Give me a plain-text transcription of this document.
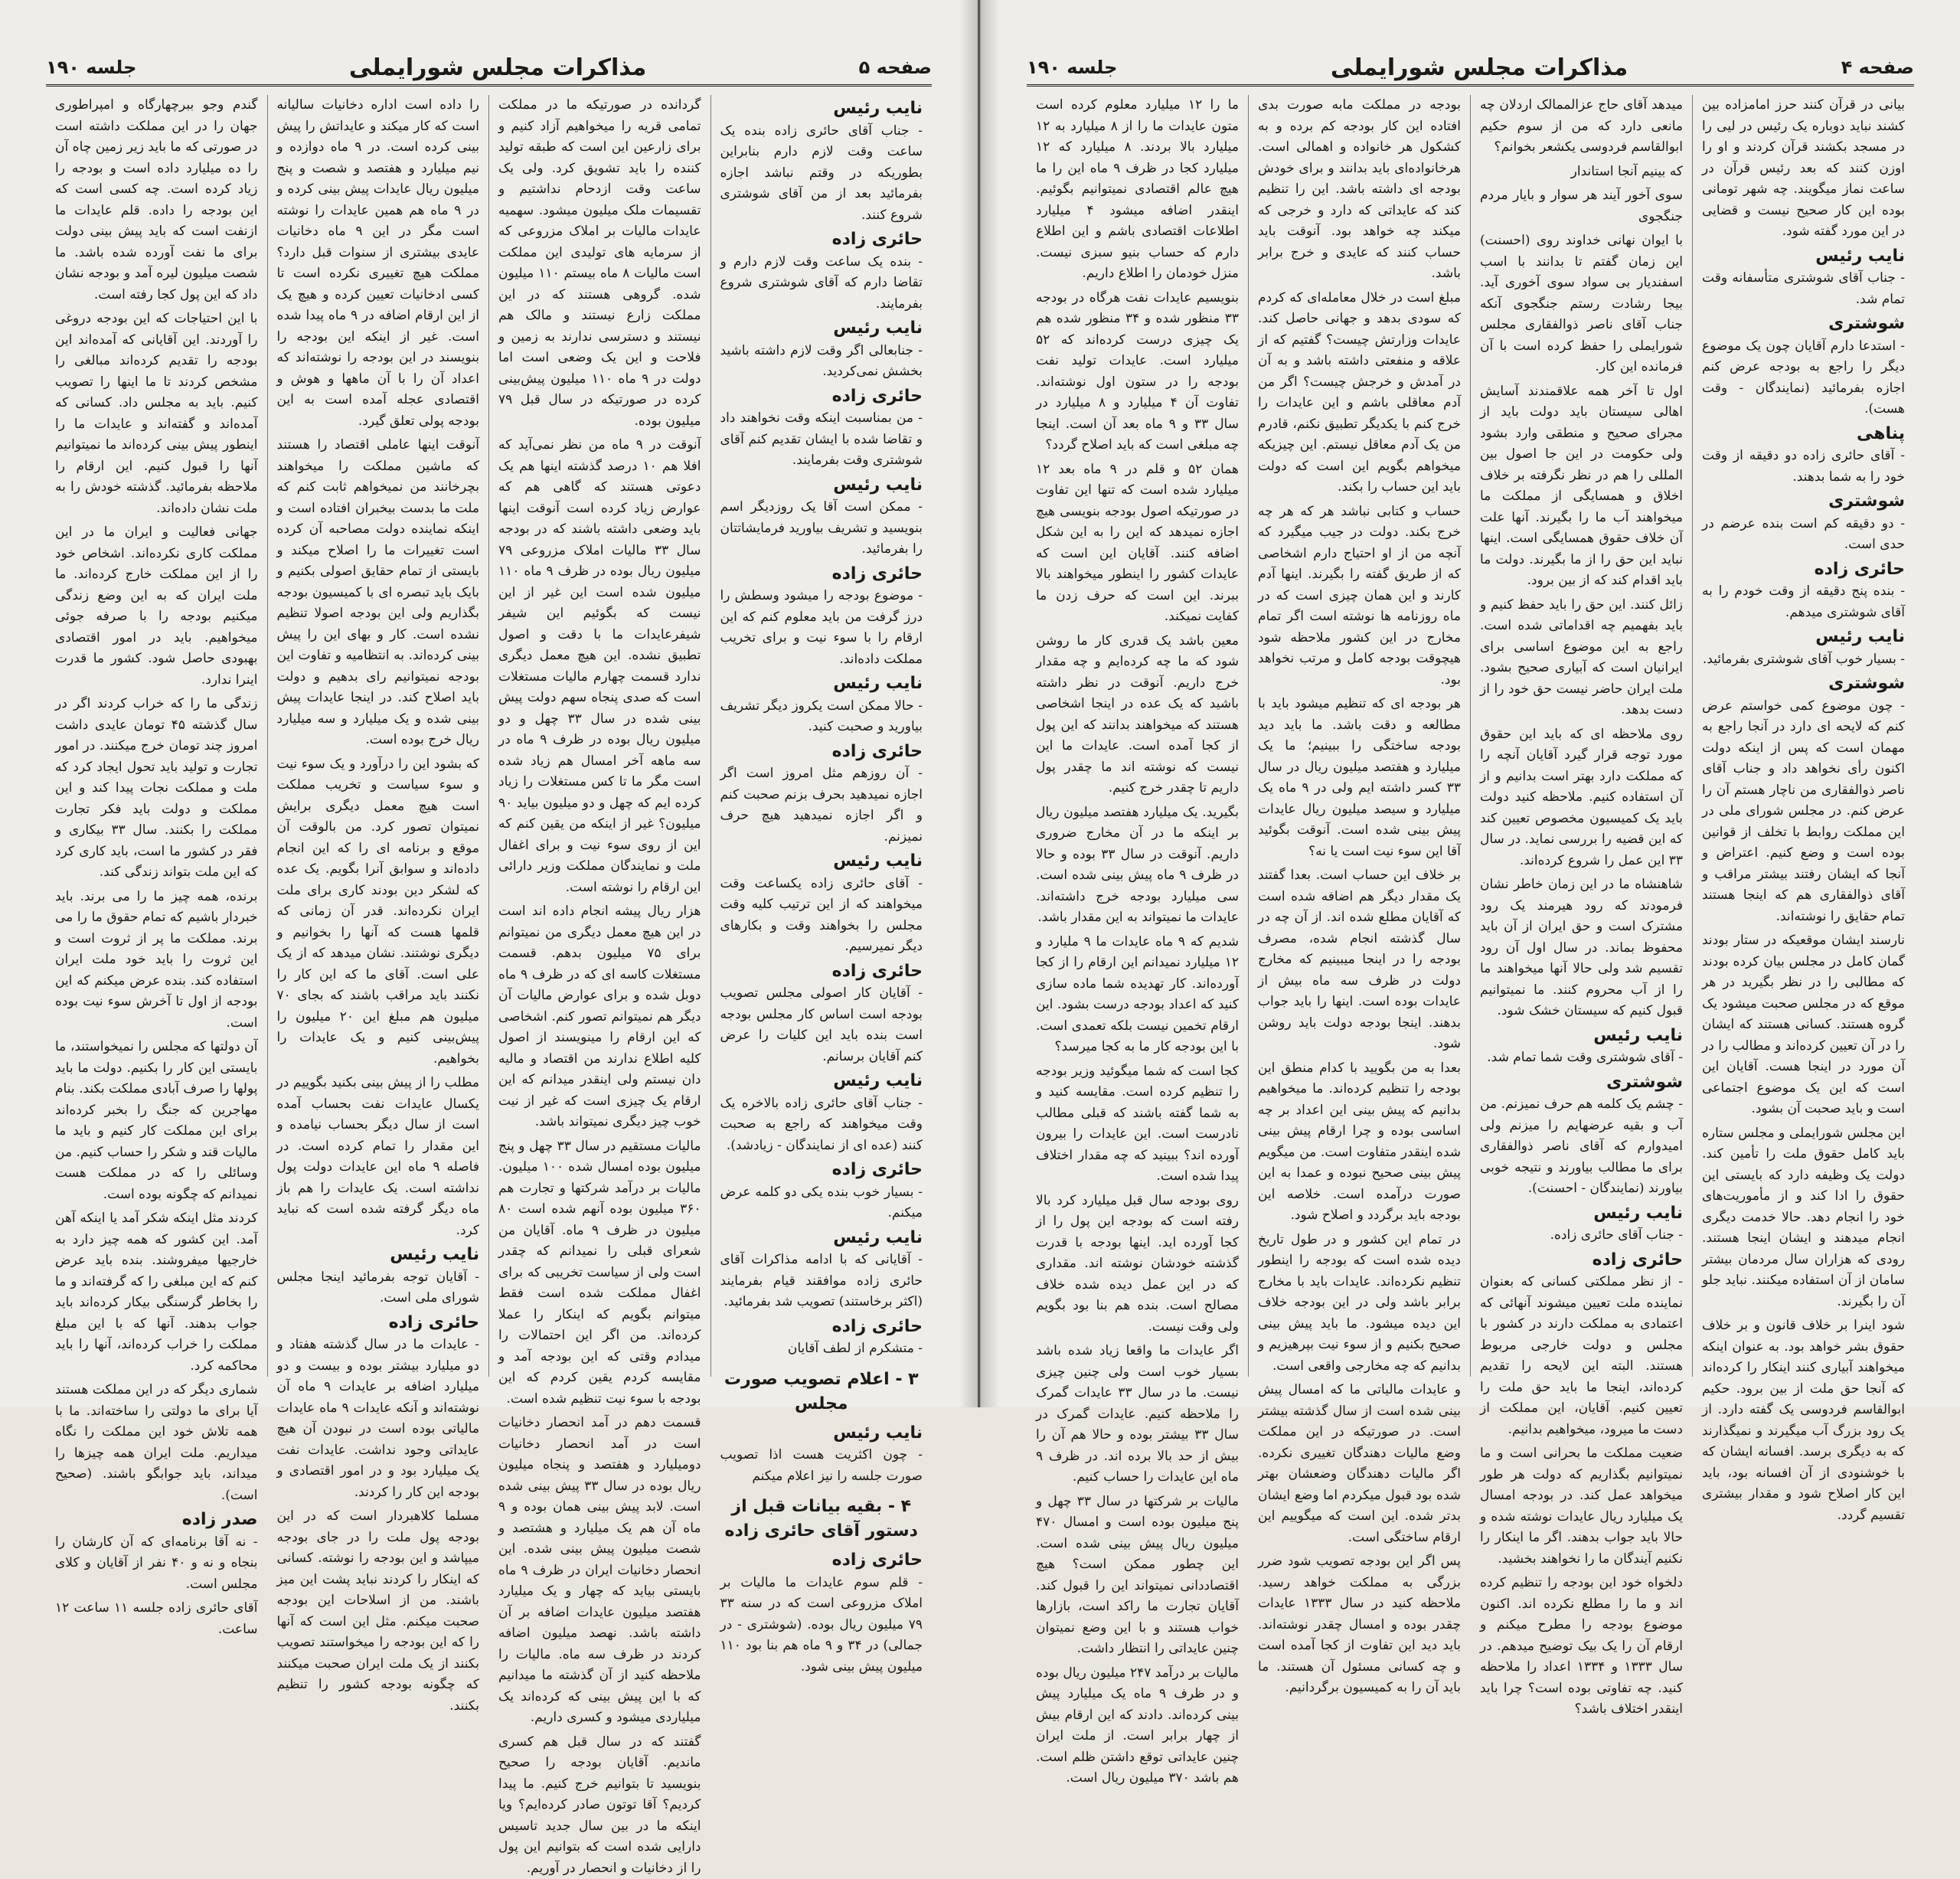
صفحه ۵
مذاکرات مجلس شورایملی
جلسه ۱۹۰
نایب رئیس
- جناب آقای حائری زاده بنده یک ساعت وقت لازم دارم بنابراین بطوریکه در وقتم نباشد اجازه بفرمائید بعد از من آقای شوشتری شروع کنند.
حائری زاده
- بنده یک ساعت وقت لازم دارم و تقاضا دارم که آقای شوشتری شروع بفرمایند.
نایب رئیس
- جنابعالی اگر وقت لازم داشته باشید بخشش نمی‌کردید.
حائری زاده
- من بمناسبت اینکه وقت نخواهند داد و تقاضا شده با ایشان تقدیم کنم آقای شوشتری وقت بفرمایند.
نایب رئیس
- ممکن است آقا یک روزدیگر اسم بنویسید و تشریف بیاورید فرمایشاتتان را بفرمائید.
حائری زاده
- موضوع بودجه را میشود وسطش را درز گرفت من باید معلوم کنم که این ارقام را با سوء نیت و برای تخریب مملکت داده‌اند.
نایب رئیس
- حالا ممکن است یکروز دیگر تشریف بیاورید و صحبت کنید.
حائری زاده
- آن روزهم مثل امروز است اگر اجازه نمیدهید بحرف بزنم صحبت کنم و اگر اجازه نمیدهید هیچ حرف نمیزنم.
نایب رئیس
- آقای حائری زاده یکساعت وقت میخواهند که از این ترتیب کلیه وقت مجلس را بخواهند وقت و بکارهای دیگر نمیرسیم.
حائری زاده
- آقایان کار اصولی مجلس تصویب بودجه است اساس کار مجلس بودجه است بنده باید این کلیات را عرض کنم آقایان برسانم.
نایب رئیس
- جناب آقای حائری زاده بالاخره یک وقت میخواهند که راجع به صحبت کنند (عده ای از نمایندگان - زیادشد).
حائری زاده
- بسیار خوب بنده یکی دو کلمه عرض میکنم.
نایب رئیس
- آقایانی که با ادامه مذاکرات آقای حائری زاده موافقند قیام بفرمایند (اکثر برخاستند) تصویب شد بفرمائید.
حائری زاده
- متشکرم از لطف آقایان
۳ - اعلام تصویب صورت مجلس
نایب رئیس
- چون اکثریت هست اذا تصویب صورت جلسه را نیز اعلام میکنم
۴ - بقیه بیانات قبل از دستور آقای حائری زاده
حائری زاده
- قلم سوم عایدات ما مالیات بر املاک مزروعی است که در سنه ۳۳ ۷۹ میلیون ریال بوده. (شوشتری - در جمالی) در ۳۴ و ۹ ماه هم بنا بود ۱۱۰ میلیون پیش بینی شود.
گردانده در صورتیکه ما در مملکت تمامی قریه را میخواهیم آزاد کنیم و برای زارعین این است که طبقه تولید کننده را باید تشویق کرد. ولی یک ساعت وقت ازدحام نداشتیم و تقسیمات ملک میلیون میشود. سهمیه عایدات مالیات بر املاک مزروعی که از سرمایه های تولیدی این مملکت است مالیات ۸ ماه بیستم ۱۱۰ میلیون شده. گروهی هستند که در این مملکت زارع نیستند و مالک هم نیستند و دسترسی ندارند به زمین و فلاحت و این یک وضعی است اما دولت در ۹ ماه ۱۱۰ میلیون پیش‌بینی کرده در صورتیکه در سال قبل ۷۹ میلیون بوده.
آنوقت در ۹ ماه من نظر نمی‌آید که افلا هم ۱۰ درصد گذشته اینها هم یک دعوتی هستند که گاهی هم که عوارض زیاد کرده است آنوقت اینها باید وضعی داشته باشند که در بودجه سال ۳۳ مالیات املاک مزروعی ۷۹ میلیون ریال بوده در ظرف ۹ ماه ۱۱۰ میلیون شده است این غیر از این نیست که بگوئیم این شیفر شیفرعایدات ما با دقت و اصول تطبیق نشده. این هیچ معمل دیگری ندارد قسمت چهارم مالیات مستغلات است که صدی پنجاه سهم دولت پیش بینی شده در سال ۳۳ چهل و دو میلیون ریال بوده در ظرف ۹ ماه در سه ماهه آخر امسال هم زیاد شده است مگر ما تا کس مستغلات را زیاد کرده ایم که چهل و دو میلیون بیاید ۹۰ میلیون؟ غیر از اینکه من یقین کنم که این از روی سوء نیت و برای اغفال ملت و نمایندگان مملکت وزیر دارائی این ارقام را نوشته است.
هزار ریال پیشه انجام داده اند است در این هیچ معمل دیگری من نمیتوانم برای ۷۵ میلیون بدهم. قسمت مستغلات کاسه ای که در ظرف ۹ ماه دوبل شده و برای عوارض مالیات آن دیگر هم نمیتوانم تصور کنم. اشخاصی که این ارقام را مینویسند از اصول کلیه اطلاع ندارند من اقتصاد و مالیه دان نیستم ولی اینقدر میدانم که این ارقام یک چیزی است که غیر از نیت خوب چیز دیگری نمیتواند باشد.
مالیات مستقیم در سال ۳۳ چهل و پنج میلیون بوده امسال شده ۱۰۰ میلیون. مالیات بر درآمد شرکتها و تجارت هم ۳۶۰ میلیون بوده آنهم شده است ۸۰ میلیون در ظرف ۹ ماه. آقایان من شعرای قبلی را نمیدانم که چقدر است ولی از سیاست تخریبی که برای اغفال مملکت شده است فقط میتوانم بگویم که اینکار را عملا کرده‌اند. من اگر این احتمالات را میدادم وقتی که این بودجه آمد و مقایسه کردم یقین کردم که این بودجه با سوء نیت تنظیم شده است.
قسمت دهم در آمد انحصار دخانیات است در آمد انحصار دخانیات دومیلیارد و هفتصد و پنجاه میلیون ریال بوده در سال ۳۳ پیش بینی شده است. لابد پیش بینی همان بوده و ۹ ماه آن هم یک میلیارد و هشتصد و شصت میلیون پیش بینی شده. این انحصار دخانیات ایران در ظرف ۹ ماه بایستی بیاید که چهار و یک میلیارد هفتصد میلیون عایدات اضافه بر آن داشته باشد. نهصد میلیون اضافه کردند در ظرف سه ماه. مالیات را ملاحظه کنید از آن گذشته ما میدانیم که با این پیش بینی که کرده‌اند یک میلیاردی میشود و کسری داریم.
گفتند که در سال قبل هم کسری ماندیم. آقایان بودجه را صحیح بنویسید تا بتوانیم خرج کنیم. ما پیدا کردیم؟ آقا توتون صادر کرده‌ایم؟ ویا اینکه ما در بین سال جدید تاسیس دارایی شده است که بتوانیم این پول را از دخانیات و انحصار در آوریم.
را داده است اداره دخانیات سالیانه است که کار میکند و عایداتش را پیش بینی کرده است. در ۹ ماه دوازده و نیم میلیارد و هفتصد و شصت و پنج میلیون ریال عایدات پیش بینی کرده و در ۹ ماه هم همین عایدات را نوشته است مگر در این ۹ ماه دخانیات عایدی بیشتری از سنوات قبل دارد؟ مملکت هیچ تغییری نکرده است تا کسی ادخانیات تعیین کرده و هیچ یک از این ارقام اضافه در ۹ ماه پیدا شده است. غیر از اینکه این بودجه را بنویسند در این بودجه را نوشته‌اند که اعداد آن را با آن ماهها و هوش و اقتصادی عجله آمده است به این بودجه پولی تعلق گیرد.
آنوقت اینها عاملی اقتصاد را هستند که ماشین مملکت را میخواهند بچرخانند من نمیخواهم ثابت کنم که ملت ما بدست بیخبران افتاده است و اینکه نماینده دولت مصاحبه آن کرده است تغییرات ما را اصلاح میکند و بایستی از تمام حقایق اصولی بکنیم و بایک باید تبصره ای با کمیسیون بودجه بگذاریم ولی این بودجه اصولا تنظیم نشده است. کار و بهای این را پیش بینی کرده‌اند. به انتظامیه و تفاوت این بودجه نمیتوانیم رای بدهیم و دولت باید اصلاح کند. در اینجا عایدات پیش بینی شده و یک میلیارد و سه میلیارد ریال خرج بوده است.
که بشود این را درآورد و یک سوء نیت و سوء سیاست و تخریب مملکت است هیچ معمل دیگری برایش نمیتوان تصور کرد. من بالوقت آن موقع و برنامه ای را که این انجام داده‌اند و سوابق آنرا بگویم. یک عده که لشکر دین بودند کاری برای ملت ایران نکرده‌اند. قدر آن زمانی که قلمها هست که آنها را بخوانیم و دیگری نوشتند. نشان میدهد که از یک علی است. آقای ما که این کار را نکنند باید مراقب باشند که بجای ۷۰ میلیون هم مبلغ این ۲۰ میلیون را پیش‌بینی کنیم و یک عایدات را بخواهیم.
مطلب را از پیش بینی بکنید بگوییم در یکسال عایدات نفت بحساب آمده است از سال دیگر بحساب نیامده و این مقدار را تمام کرده است. در فاصله ۹ ماه این عایدات دولت پول نداشته است. یک عایدات را هم باز ماه دیگر گرفته شده است که نباید کرد.
نایب رئیس
- آقایان توجه بفرمائید اینجا مجلس شورای ملی است.
حائری زاده
- عایدات ما در سال گذشته هفتاد و دو میلیارد بیشتر بوده و بیست و دو میلیارد اضافه بر عایدات ۹ ماه آن نوشته‌اند و آنکه عایدات ۹ ماه عایدات مالیاتی بوده است در نبودن آن هیچ عایداتی وجود نداشت. عایدات نفت یک میلیارد بود و در امور اقتصادی و بودجه این کار را کردند.
مسلما کلاهبردار است که در این بودجه پول ملت را در جای بودجه میپاشد و این بودجه را نوشته. کسانی که اینکار را کردند نباید پشت این میز باشند. من از اسلاحات این بودجه صحبت میکنم. مثل این است که آنها را که این بودجه را میخواستند تصویب بکنند از یک ملت ایران صحبت میکنند که چگونه بودجه کشور را تنظیم بکنند.
گندم وجو ببرچهارگاه و امپراطوری جهان را در این مملکت داشته است در صورتی که ما باید زیر زمین چاه آن را ده میلیارد داده است و بودجه را زیاد کرده است. چه کسی است که این بودجه را داده. قلم عایدات ما ازنفت است که باید پیش بینی دولت برای ما نفت آورده شده باشد. ما شصت میلیون لیره آمد و بودجه نشان داد که این پول کجا رفته است.
با این احتیاجات که این بودجه دروغی را آوردند. این آقایانی که آمده‌اند این بودجه را تقدیم کرده‌اند مبالغی را مشخص کردند تا ما اینها را تصویب کنیم. باید به مجلس داد. کسانی که آمده‌اند و گفته‌اند و عایدات ما را اینطور پیش بینی کرده‌اند ما نمیتوانیم آنها را قبول کنیم. این ارقام را ملاحظه بفرمائید. گذشته خودش را به ملت نشان داده‌اند.
جهانی فعالیت و ایران ما در این مملکت کاری نکرده‌اند. اشخاص خود را از این مملکت خارج کرده‌اند. ما ملت ایران که به این وضع زندگی میکنیم بودجه را با صرفه جوئی میخواهیم. باید در امور اقتصادی بهبودی حاصل شود. کشور ما قدرت اینرا ندارد.
زندگی ما را که خراب کردند اگر در سال گذشته ۴۵ تومان عایدی داشت امروز چند تومان خرج میکنند. در امور تجارت و تولید باید تحول ایجاد کرد که ملت و مملکت نجات پیدا کند و این مملکت و دولت باید فکر تجارت مملکت را بکنند. سال ۳۳ بیکاری و فقر در کشور ما است، باید کاری کرد که این ملت بتواند زندگی کند.
برنده، همه چیز ما را می برند. باید خبردار باشیم که تمام حقوق ما را می برند. مملکت ما پر از ثروت است و این ثروت را باید خود ملت ایران استفاده کند. بنده عرض میکنم که این بودجه از اول تا آخرش سوء نیت بوده است.
آن دولتها که مجلس را نمیخواستند، ما بایستی این کار را بکنیم. دولت ما باید پولها را صرف آبادی مملکت بکند. بنام مهاجرین که جنگ را بخبر کرده‌اند برای این مملکت کار کنیم و باید ما مالیات قند و شکر را حساب کنیم. من وسائلی را که در مملکت هست نمیدانم که چگونه بوده است.
کردند مثل اینکه شکر آمد یا اینکه آهن آمد. این کشور که همه چیز دارد به خارجیها میفروشند. بنده باید عرض کنم که این مبلغی را که گرفته‌اند و ما را بخاطر گرسنگی بیکار کرده‌اند باید جواب بدهند. آنها که با این مبلغ مملکت را خراب کرده‌اند، آنها را باید محاکمه کرد.
شماری دیگر که در این مملکت هستند آیا برای ما دولتی را ساخته‌اند. ما با همه تلاش خود این مملکت را نگاه میداریم. ملت ایران همه چیزها را میداند، باید جوابگو باشند. (صحیح است).
صدر زاده
- نه آقا برنامه‌ای که آن کارشان را بنجاه و نه و ۴۰ نفر از آقایان و کلای مجلس است.
آقای حائری زاده جلسه ۱۱ ساعت ۱۲ ساعت.
صفحه ۴
مذاکرات مجلس شورایملی
جلسه ۱۹۰
بیانی در قرآن کنند حرز امامزاده بین کشند نباید دوباره یک رئیس در لیی را در مسجد بکشند قرآن کردند و او را اوزن کنند که بعد رئیس قرآن در ساعت نماز میگویند. چه شهر تومانی بوده این کار صحیح نیست و قضایی در این مورد گفته شود.
نایب رئیس
- جناب آقای شوشتری متأسفانه وقت تمام شد.
شوشتری
- استدعا دارم آقایان چون یک موضوع دیگر را راجع به بودجه عرض کنم اجازه بفرمائید (نمایندگان - وقت هست).
پناهی
- آقای حائری زاده دو دقیقه از وقت خود را به شما بدهند.
شوشتری
- دو دقیقه کم است بنده عرضم در حدی است.
حائری زاده
- بنده پنج دقیقه از وقت خودم را به آقای شوشتری میدهم.
نایب رئیس
- بسیار خوب آقای شوشتری بفرمائید.
شوشتری
- چون موضوع کمی خواستم عرض کنم که لایحه ای دارد در آنجا راجع به مهمان است که پس از اینکه دولت اکنون رأی نخواهد داد و جناب آقای ناصر ذوالفقاری من ناچار هستم آن را عرض کنم. در مجلس شورای ملی در این مملکت روابط با تخلف از قوانین بوده است و وضع کنیم. اعتراض و آنجا که ایشان رفتند بیشتر مراقب و آقای ذوالفقاری هم که اینجا هستند تمام حقایق را نوشته‌اند.
نارسند ایشان موقعیکه در ستار بودند گمان کامل در مجلس بیان کرده بودند که مطالبی را در نظر بگیرید در هر موقع که در مجلس صحبت میشود یک گروه هستند. کسانی هستند که ایشان را در آن تعیین کرده‌اند و مطالب را در آن مورد در اینجا هست. آقایان این است که این یک موضوع اجتماعی است و باید صحبت آن بشود.
این مجلس شورایملی و مجلس ستاره باید کامل حقوق ملت را تأمین کند. دولت یک وظیفه دارد که بایستی این حقوق را ادا کند و از مأموریت‌های خود را انجام دهد. حالا خدمت دیگری انجام میدهند و ایشان اینجا هستند. رودی که هزاران سال مردمان بیشتر سامان از آن استفاده میکنند. نباید جلو آن را بگیرند.
شود اینرا بر خلاف قانون و بر خلاف حقوق بشر خواهد بود. به عنوان اینکه میخواهند آبیاری کنند اینکار را کرده‌اند که آنجا حق ملت از بین برود. حکیم ابوالقاسم فردوسی یک گفته دارد. از یک رود بزرگ آب میگیرند و نمیگذارند که به دیگری برسد. افسانه ایشان که با خوشنودی از آن افسانه بود، باید این کار اصلاح شود و مقدار بیشتری تقسیم گردد.
میدهد آقای حاج عزالممالک اردلان چه مانعی دارد که من از سوم حکیم ابوالقاسم فردوسی یکشعر بخوانم؟
که بینیم آنجا استاندار
سوی آخور آیند هر سوار و بایار مردم جنگجوی
با ایوان نهانی خداوند روی (احسنت) این زمان گفتم تا بدانند با اسب اسفندیار بی سواد سوی آخوری آید. بیجا رشادت رستم جنگجوی آنکه جناب آقای ناصر ذوالفقاری مجلس شورایملی را حفظ کرده است با آن فرمانده این کار.
اول تا آخر همه علاقمندند آسایش اهالی سیستان باید دولت باید از مجرای صحیح و منطقی وارد بشود ولی حکومت در این جا اصول بین المللی را هم در نظر نگرفته بر خلاف اخلاق و همسایگی از مملکت ما میخواهند آب ما را بگیرند. آنها علت آن خلاف حقوق همسایگی است. اینها نباید این حق را از ما بگیرند. دولت ما باید اقدام کند که از بین برود.
زائل کنند. این حق را باید حفظ کنیم و باید بفهمیم چه اقداماتی شده است. راجع به این موضوع اساسی برای ایرانیان است که آبیاری صحیح بشود. ملت ایران حاضر نیست حق خود را از دست بدهد.
روی ملاحظه ای که باید این حقوق مورد توجه قرار گیرد آقایان آنچه را که مملکت دارد بهتر است بدانیم و از آن استفاده کنیم. ملاحظه کنید دولت باید یک کمیسیون مخصوص تعیین کند که این قضیه را بررسی نماید. در سال ۳۳ این عمل را شروع کرده‌اند.
شاهنشاه ما در این زمان خاطر نشان فرمودند که رود هیرمند یک رود مشترک است و حق ایران از آن باید محفوظ بماند. در سال اول آن رود تقسیم شد ولی حالا آنها میخواهند ما را از آب محروم کنند. ما نمیتوانیم قبول کنیم که سیستان خشک شود.
نایب رئیس
- آقای شوشتری وقت شما تمام شد.
شوشتری
- چشم یک کلمه هم حرف نمیزنم. من آب و بقیه عرضهایم را میزنم ولی امیدوارم که آقای ناصر ذوالفقاری برای ما مطالب بیاورند و نتیجه خوبی بیاورند (نمایندگان - احسنت).
نایب رئیس
- جناب آقای حائری زاده.
حائری زاده
- از نظر مملکتی کسانی که بعنوان نماینده ملت تعیین میشوند آنهائی که اعتمادی به مملکت دارند در کشور با مجلس و دولت خارجی مربوط هستند. البته این لایحه را تقدیم کرده‌اند، اینجا ما باید حق ملت را تعیین کنیم. آقایان، این مملکت از دست ما میرود، میخواهیم بدانیم.
ضعیت مملکت ما بحرانی است و ما نمیتوانیم بگذاریم که دولت هر طور میخواهد عمل کند. در بودجه امسال یک میلیارد ریال عایدات نوشته شده و حالا باید جواب بدهند. اگر ما اینکار را نکنیم آیندگان ما را نخواهند بخشید.
دلخواه خود این بودجه را تنظیم کرده اند و ما را مطلع نکرده اند. اکنون موضوع بودجه را مطرح میکنم و ارقام آن را یک بیک توضیح میدهم. در سال ۱۳۳۳ و ۱۳۳۴ اعداد را ملاحظه کنید. چه تفاوتی بوده است؟ چرا باید اینقدر اختلاف باشد؟
بودجه در مملکت مابه صورت بدی افتاده این کار بودجه کم برده و به کشکول هر خانواده و اهمالی است. هرخانواده‌ای باید بدانند و برای خودش بودجه ای داشته باشد. این را تنظیم کند که عایداتی که دارد و خرجی که میکند چه خواهد بود. آنوقت باید حساب کنند که عایدی و خرج برابر باشد.
مبلغ است در خلال معامله‌ای که کردم که سودی بدهد و جهانی حاصل کند. عایدات وزارتش چیست؟ گفتیم که از علاقه و منفعتی داشته باشد و به آن در آمدش و خرجش چیست؟ اگر من آدم معاقلی باشم و این عایدات را خرج کنم با یکدیگر تطبیق نکنم، قادرم من یک آدم معاقل نیستم. این چیزیکه میخواهم بگویم این است که دولت باید این حساب را بکند.
حساب و کتابی نباشد هر که هر چه خرج بکند. دولت در جیب میگیرد که آنچه من از او احتیاج دارم اشخاصی که از طریق گفته را بگیرند. اینها آدم کارند و این همان چیزی است که در ماه روزنامه ها نوشته است اگر تمام مخارج در این کشور ملاحظه شود هیچوقت بودجه کامل و مرتب نخواهد بود.
هر بودجه ای که تنظیم میشود باید با مطالعه و دقت باشد. ما باید دید بودجه ساختگی را ببینیم؛ ما یک میلیارد و هفتصد میلیون ریال در سال ۳۳ کسر داشته ایم ولی در ۹ ماه یک میلیارد و سیصد میلیون ریال عایدات پیش بینی شده است. آنوقت بگوئید آقا این سوء نیت است یا نه؟
بر خلاف این حساب است. بعدا گفتند یک مقدار دیگر هم اضافه شده است که آقایان مطلع شده اند. از آن چه در سال گذشته انجام شده، مصرف بودجه را در اینجا میبینیم که مخارج دولت در ظرف سه ماه بیش از عایدات بوده است. اینها را باید جواب بدهند. اینجا بودجه دولت باید روشن شود.
بعدا به من بگویید با کدام منطق این بودجه را تنظیم کرده‌اند. ما میخواهیم بدانیم که پیش بینی این اعداد بر چه اساسی بوده و چرا ارقام پیش بینی شده اینقدر متفاوت است. من میگویم پیش بینی صحیح نبوده و عمدا به این صورت درآمده است. خلاصه این بودجه باید برگردد و اصلاح شود.
در تمام این کشور و در طول تاریخ دیده شده است که بودجه را اینطور تنظیم نکرده‌اند. عایدات باید با مخارج برابر باشد ولی در این بودجه خلاف این دیده میشود. ما باید پیش بینی صحیح بکنیم و از سوء نیت بپرهیزیم و بدانیم که چه مخارجی واقعی است.
و عایدات مالیاتی ما که امسال پیش بینی شده است از سال گذشته بیشتر است. در صورتیکه در این مملکت وضع مالیات دهندگان تغییری نکرده. اگر مالیات دهندگان وضعشان بهتر شده بود قبول میکردم اما وضع ایشان بدتر شده. این است که میگوییم این ارقام ساختگی است.
پس اگر این بودجه تصویب شود ضرر بزرگی به مملکت خواهد رسید. ملاحظه کنید در سال ۱۳۳۳ عایدات چقدر بوده و امسال چقدر نوشته‌اند. باید دید این تفاوت از کجا آمده است و چه کسانی مسئول آن هستند. ما باید آن را به کمیسیون برگردانیم.
ما را ۱۲ میلیارد معلوم کرده است متون عایدات ما را از ۸ میلیارد به ۱۲ میلیارد بالا بردند. ۸ میلیارد که ۱۲ میلیارد کجا در ظرف ۹ ماه این را ما هیچ عالم اقتصادی نمیتوانیم بگوئیم. اینقدر اضافه میشود ۴ میلیارد اطلاعات اقتصادی باشم و این اطلاع دارم که حساب بنیو سبزی نیست. منزل خودمان را اطلاع داریم.
بنویسیم عایدات نفت هرگاه در بودجه ۳۳ منظور شده و ۳۴ منظور شده هم یک چیزی درست کرده‌اند که ۵۲ میلیارد است. عایدات تولید نفت بودجه را در ستون اول نوشته‌اند. تفاوت آن ۴ میلیارد و ۸ میلیارد در سال ۳۳ و ۹ ماه بعد آن است. اینجا چه مبلغی است که باید اصلاح گردد؟
همان ۵۲ و قلم در ۹ ماه بعد ۱۲ میلیارد شده است که تنها این تفاوت در صورتیکه اصول بودجه بنویسی هیچ اجازه نمیدهد که این را به این شکل اضافه کنند. آقایان این است که عایدات کشور را اینطور میخواهند بالا ببرند. این است که حرف زدن ما کفایت نمیکند.
معین باشد یک قدری کار ما روشن شود که ما چه کرده‌ایم و چه مقدار خرج داریم. آنوقت در نظر داشته باشید که یک عده در اینجا اشخاصی هستند که میخواهند بدانند که این پول از کجا آمده است. عایدات ما این نیست که نوشته اند ما چقدر پول داریم تا چقدر خرج کنیم.
بگیرید. یک میلیارد هفتصد میلیون ریال بر اینکه ما در آن مخارج ضروری داریم. آنوقت در سال ۳۳ بوده و حالا در ظرف ۹ ماه پیش بینی شده است. سی میلیارد بودجه خرج داشته‌اند. عایدات ما نمیتواند به این مقدار باشد.
شدیم که ۹ ماه عایدات ما ۹ ملیارد و ۱۲ میلیارد نمیدانم این ارقام را از کجا آورده‌اند. کار تهدیده شما ماده سازی کنید که اعداد بودجه درست بشود. این ارقام تخمین نیست بلکه تعمدی است. با این بودجه کار ما به کجا میرسد؟
کجا است که شما میگوئید وزیر بودجه را تنظیم کرده است. مقایسه کنید و به شما گفته باشند که قبلی مطالب نادرست است. این عایدات را بیرون آورده اند؟ ببینید که چه مقدار اختلاف پیدا شده است.
روی بودجه سال قبل میلیارد کرد بالا رفته است که بودجه این پول را از کجا آورده اید. اینها بودجه با قدرت گذشته خودشان نوشته اند. مقداری که در این عمل دیده شده خلاف مصالح است. بنده هم بنا بود بگویم ولی وقت نیست.
اگر عایدات ما واقعا زیاد شده باشد بسیار خوب است ولی چنین چیزی نیست. ما در سال ۳۳ عایدات گمرک را ملاحظه کنیم. عایدات گمرک در سال ۳۳ بیشتر بوده و حالا هم آن را بیش از حد بالا برده اند. در ظرف ۹ ماه این عایدات را حساب کنیم.
مالیات بر شرکتها در سال ۳۳ چهل و پنج میلیون بوده است و امسال ۴۷۰ میلیون ریال پیش بینی شده است. این چطور ممکن است؟ هیچ اقتصاددانی نمیتواند این را قبول کند. آقایان تجارت ما راکد است، بازارها خواب هستند و با این وضع نمیتوان چنین عایداتی را انتظار داشت.
مالیات بر درآمد ۲۴۷ میلیون ریال بوده و در ظرف ۹ ماه یک میلیارد پیش بینی کرده‌اند. دادند که این ارقام بیش از چهار برابر است. از ملت ایران چنین عایداتی توقع داشتن ظلم است. هم باشد ۳۷۰ میلیون ریال است.
